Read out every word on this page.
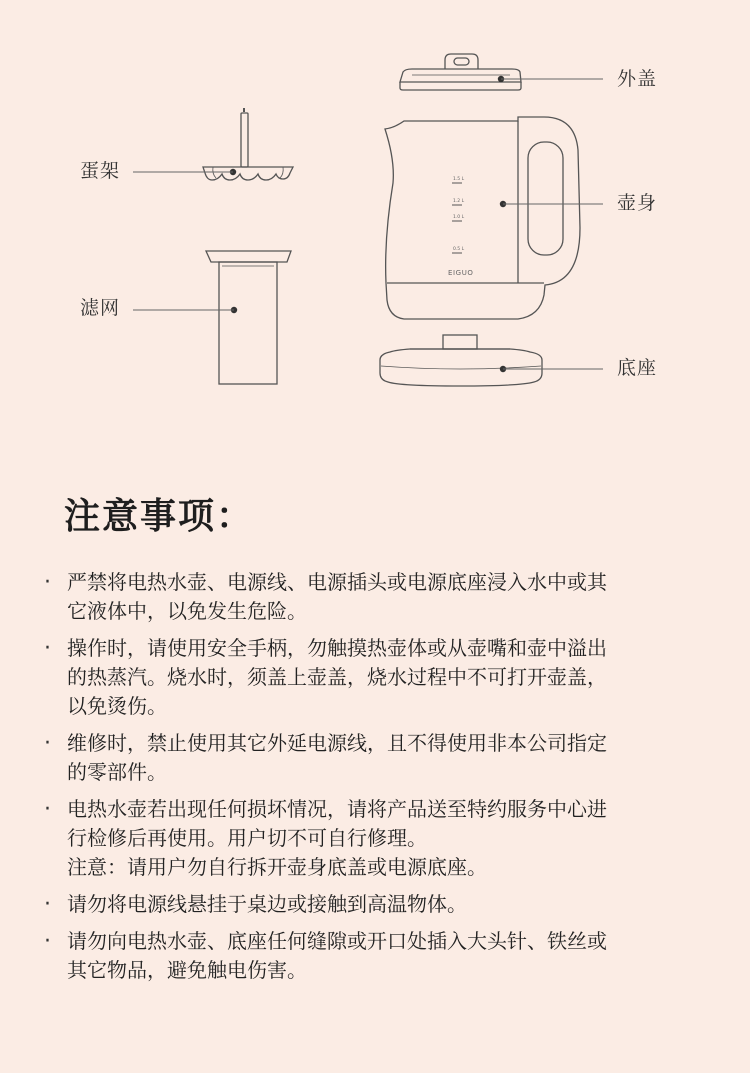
1.5 L
1.2 L
1.0 L
0.5 L
EIGUO
外盖
蛋架
壶身
滤网
底座
注意事项：
· 严禁将电热水壶、电源线、电源插头或电源底座浸入水中或其
它液体中，以免发生危险。
· 操作时，请使用安全手柄，勿触摸热壶体或从壶嘴和壶中溢出
的热蒸汽。烧水时，须盖上壶盖，烧水过程中不可打开壶盖，
以免烫伤。
· 维修时，禁止使用其它外延电源线，且不得使用非本公司指定
的零部件。
· 电热水壶若出现任何损坏情况，请将产品送至特约服务中心进
行检修后再使用。用户切不可自行修理。
注意：请用户勿自行拆开壶身底盖或电源底座。
· 请勿将电源线悬挂于桌边或接触到高温物体。
· 请勿向电热水壶、底座任何缝隙或开口处插入大头针、铁丝或
其它物品，避免触电伤害。
